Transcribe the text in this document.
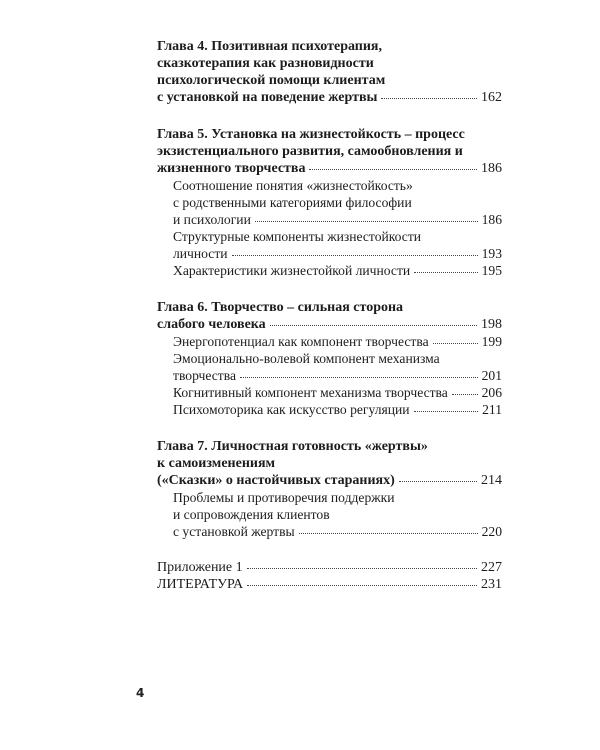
Глава 4. Позитивная психотерапия,
сказкотерапия как разновидности
психологической помощи клиентам
с установкой на поведение жертвы	162
Глава 5. Установка на жизнестойкость – процесс
экзистенциального развития, самообновления и
жизненного творчества	186
Соотношение понятия «жизнестойкость»
с родственными категориями философии
и психологии	186
Структурные компоненты жизнестойкости
личности	193
Характеристики жизнестойкой личности	195
Глава 6. Творчество – сильная сторона
слабого человека	198
Энергопотенциал как компонент творчества	199
Эмоционально-волевой компонент механизма
творчества	201
Когнитивный компонент механизма творчества 206
Психомоторика как искусство регуляции	211
Глава 7. Личностная готовность «жертвы»
к самоизменениям
(«Сказки» о настойчивых стараниях)	214
Проблемы и противоречия поддержки
и сопровождения клиентов
с установкой жертвы	220
Приложение 1	227
ЛИТЕРАТУРА	231
4
